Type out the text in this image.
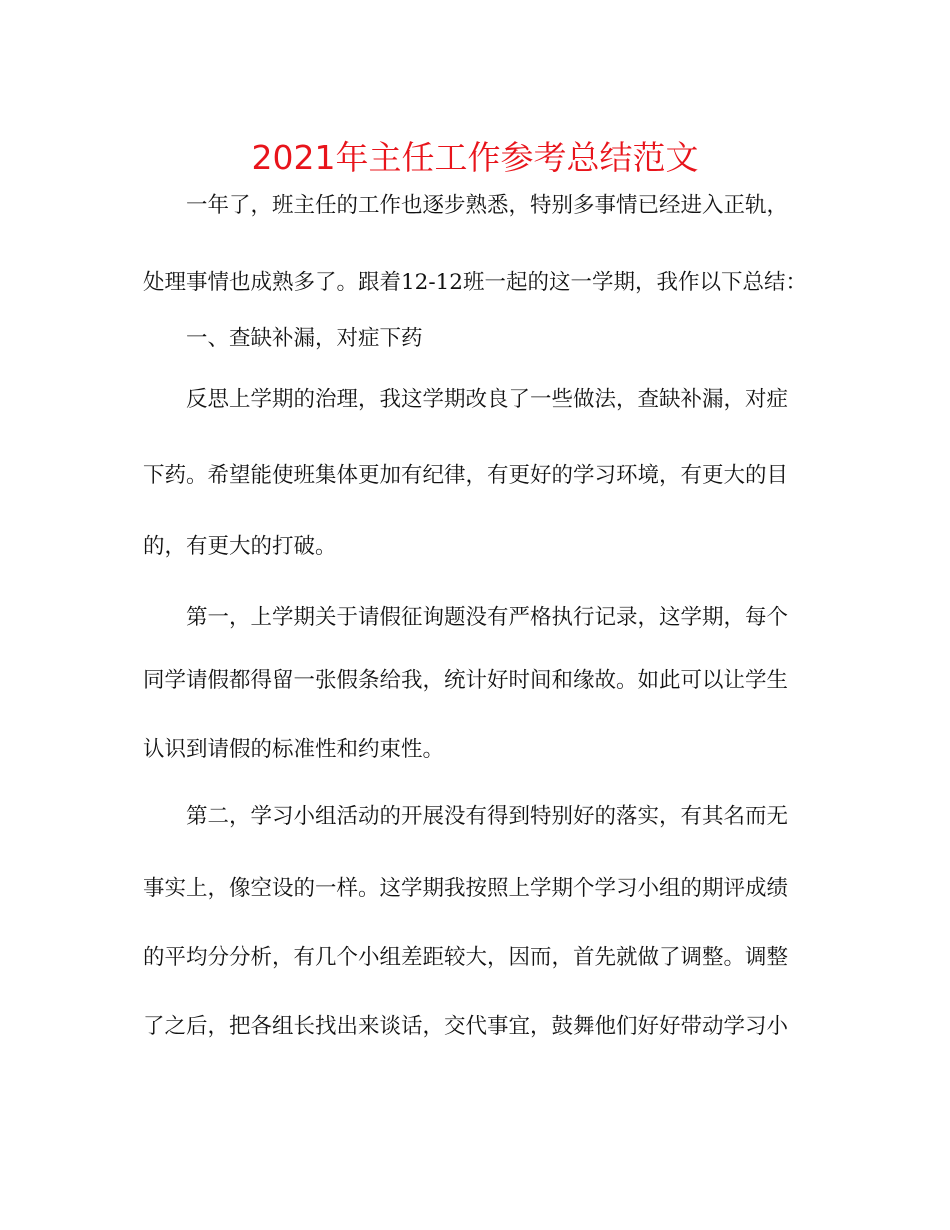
2021年主任工作参考总结范文
一年了，班主任的工作也逐步熟悉，特别多事情已经进入正轨，
处理事情也成熟多了。跟着12-12班一起的这一学期，我作以下总结：
一、查缺补漏，对症下药
反思上学期的治理，我这学期改良了一些做法，查缺补漏，对症
下药。希望能使班集体更加有纪律，有更好的学习环境，有更大的目
的，有更大的打破。
第一，上学期关于请假征询题没有严格执行记录，这学期，每个
同学请假都得留一张假条给我，统计好时间和缘故。如此可以让学生
认识到请假的标准性和约束性。
第二，学习小组活动的开展没有得到特别好的落实，有其名而无
事实上，像空设的一样。这学期我按照上学期个学习小组的期评成绩
的平均分分析，有几个小组差距较大，因而，首先就做了调整。调整
了之后，把各组长找出来谈话，交代事宜，鼓舞他们好好带动学习小
